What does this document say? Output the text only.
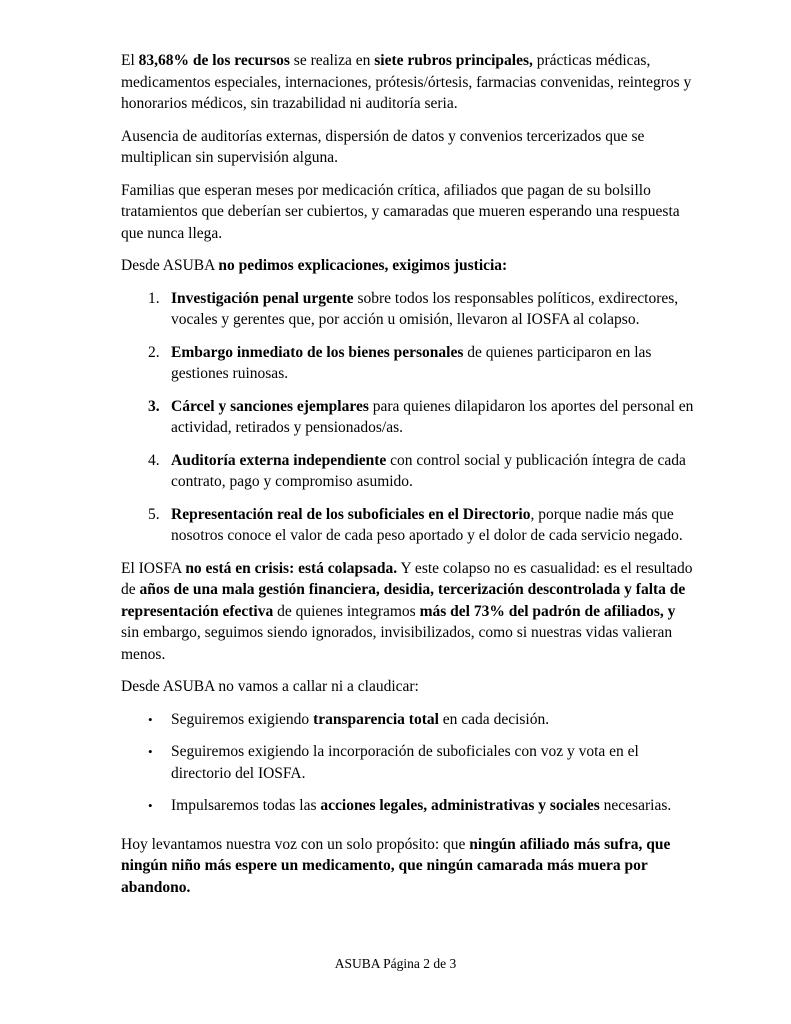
El 83,68% de los recursos se realiza en siete rubros principales, prácticas médicas, medicamentos especiales, internaciones, prótesis/órtesis, farmacias convenidas, reintegros y honorarios médicos, sin trazabilidad ni auditoría seria.

Ausencia de auditorías externas, dispersión de datos y convenios tercerizados que se multiplican sin supervisión alguna.

Familias que esperan meses por medicación crítica, afiliados que pagan de su bolsillo tratamientos que deberían ser cubiertos, y camaradas que mueren esperando una respuesta que nunca llega.

Desde ASUBA no pedimos explicaciones, exigimos justicia:

1. Investigación penal urgente sobre todos los responsables políticos, exdirectores, vocales y gerentes que, por acción u omisión, llevaron al IOSFA al colapso.
2. Embargo inmediato de los bienes personales de quienes participaron en las gestiones ruinosas.
3. Cárcel y sanciones ejemplares para quienes dilapidaron los aportes del personal en actividad, retirados y pensionados/as.
4. Auditoría externa independiente con control social y publicación íntegra de cada contrato, pago y compromiso asumido.
5. Representación real de los suboficiales en el Directorio, porque nadie más que nosotros conoce el valor de cada peso aportado y el dolor de cada servicio negado.

El IOSFA no está en crisis: está colapsada. Y este colapso no es casualidad: es el resultado de años de una mala gestión financiera, desidia, tercerización descontrolada y falta de representación efectiva de quienes integramos más del 73% del padrón de afiliados, y sin embargo, seguimos siendo ignorados, invisibilizados, como si nuestras vidas valieran menos.

Desde ASUBA no vamos a callar ni a claudicar:

•	Seguiremos exigiendo transparencia total en cada decisión.
•	Seguiremos exigiendo la incorporación de suboficiales con voz y vota en el directorio del IOSFA.
•	Impulsaremos todas las acciones legales, administrativas y sociales necesarias.

Hoy levantamos nuestra voz con un solo propósito: que ningún afiliado más sufra, que ningún niño más espere un medicamento, que ningún camarada más muera por abandono.

ASUBA Página 2 de 3
